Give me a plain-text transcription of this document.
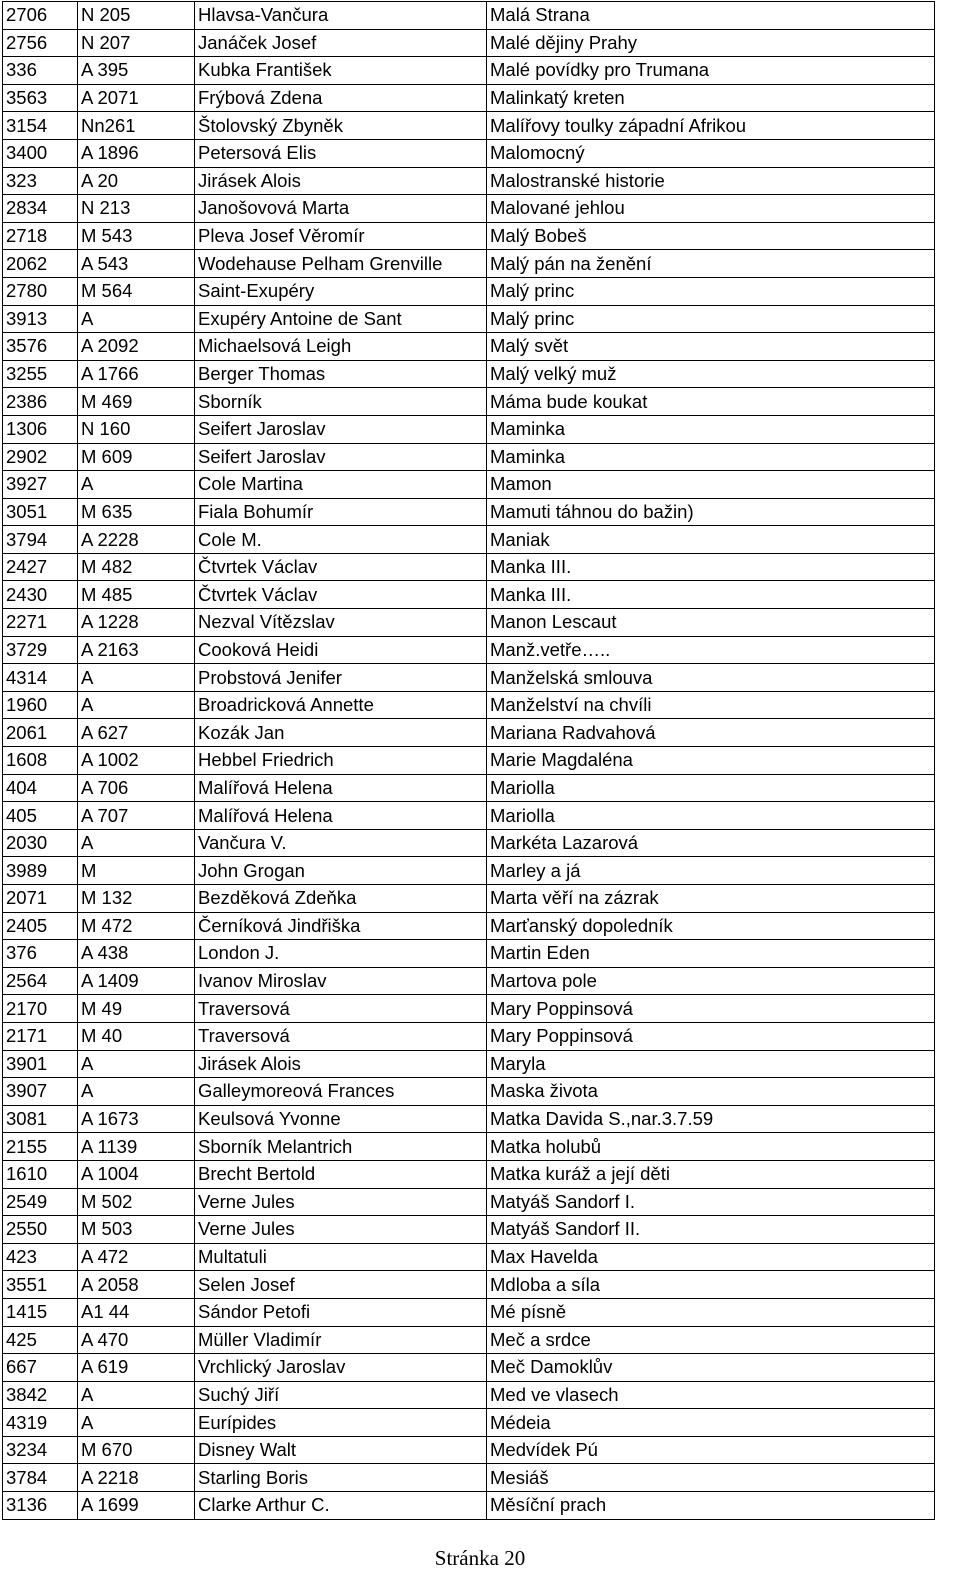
2706	N 205	Hlavsa-Vančura	Malá Strana
2756	N 207	Janáček Josef	Malé dějiny Prahy
336	A 395	Kubka František	Malé povídky pro Trumana
3563	A 2071	Frýbová Zdena	Malinkatý kreten
3154	Nn261	Štolovský Zbyněk	Malířovy toulky západní Afrikou
3400	A 1896	Petersová Elis	Malomocný
323	A 20	Jirásek Alois	Malostranské historie
2834	N 213	Janošovová Marta	Malované jehlou
2718	M 543	Pleva Josef Věromír	Malý Bobeš
2062	A 543	Wodehause Pelham Grenville	Malý pán na ženění
2780	M 564	Saint-Exupéry	Malý princ
3913	A	Exupéry Antoine de Sant	Malý princ
3576	A 2092	Michaelsová Leigh	Malý svět
3255	A 1766	Berger Thomas	Malý velký muž
2386	M 469	Sborník	Máma bude koukat
1306	N 160	Seifert Jaroslav	Maminka
2902	M 609	Seifert Jaroslav	Maminka
3927	A	Cole Martina	Mamon
3051	M 635	Fiala Bohumír	Mamuti táhnou do bažin)
3794	A 2228	Cole M.	Maniak
2427	M 482	Čtvrtek Václav	Manka III.
2430	M 485	Čtvrtek Václav	Manka III.
2271	A 1228	Nezval Vítězslav	Manon Lescaut
3729	A 2163	Cooková Heidi	Manž.vetře…..
4314	A	Probstová Jenifer	Manželská smlouva
1960	A	Broadricková Annette	Manželství na chvíli
2061	A 627	Kozák Jan	Mariana Radvahová
1608	A 1002	Hebbel Friedrich	Marie Magdaléna
404	A 706	Malířová Helena	Mariolla
405	A 707	Malířová Helena	Mariolla
2030	A	Vančura V.	Markéta Lazarová
3989	M	John Grogan	Marley a já
2071	M 132	Bezděková Zdeňka	Marta věří na zázrak
2405	M 472	Černíková Jindřiška	Marťanský dopoledník
376	A 438	London J.	Martin Eden
2564	A 1409	Ivanov Miroslav	Martova pole
2170	M 49	Traversová	Mary Poppinsová
2171	M 40	Traversová	Mary Poppinsová
3901	A	Jirásek Alois	Maryla
3907	A	Galleymoreová Frances	Maska života
3081	A 1673	Keulsová Yvonne	Matka Davida S.,nar.3.7.59
2155	A 1139	Sborník Melantrich	Matka holubů
1610	A 1004	Brecht Bertold	Matka kuráž a její děti
2549	M 502	Verne Jules	Matyáš Sandorf I.
2550	M 503	Verne Jules	Matyáš Sandorf II.
423	A 472	Multatuli	Max Havelda
3551	A 2058	Selen Josef	Mdloba a síla
1415	A1 44	Sándor Petofi	Mé písně
425	A 470	Müller Vladimír	Meč a srdce
667	A 619	Vrchlický Jaroslav	Meč Damoklův
3842	A	Suchý Jiří	Med ve vlasech
4319	A	Eurípides	Médeia
3234	M 670	Disney Walt	Medvídek Pú
3784	A 2218	Starling Boris	Mesiáš
3136	A 1699	Clarke Arthur C.	Měsíční prach
Stránka 20
